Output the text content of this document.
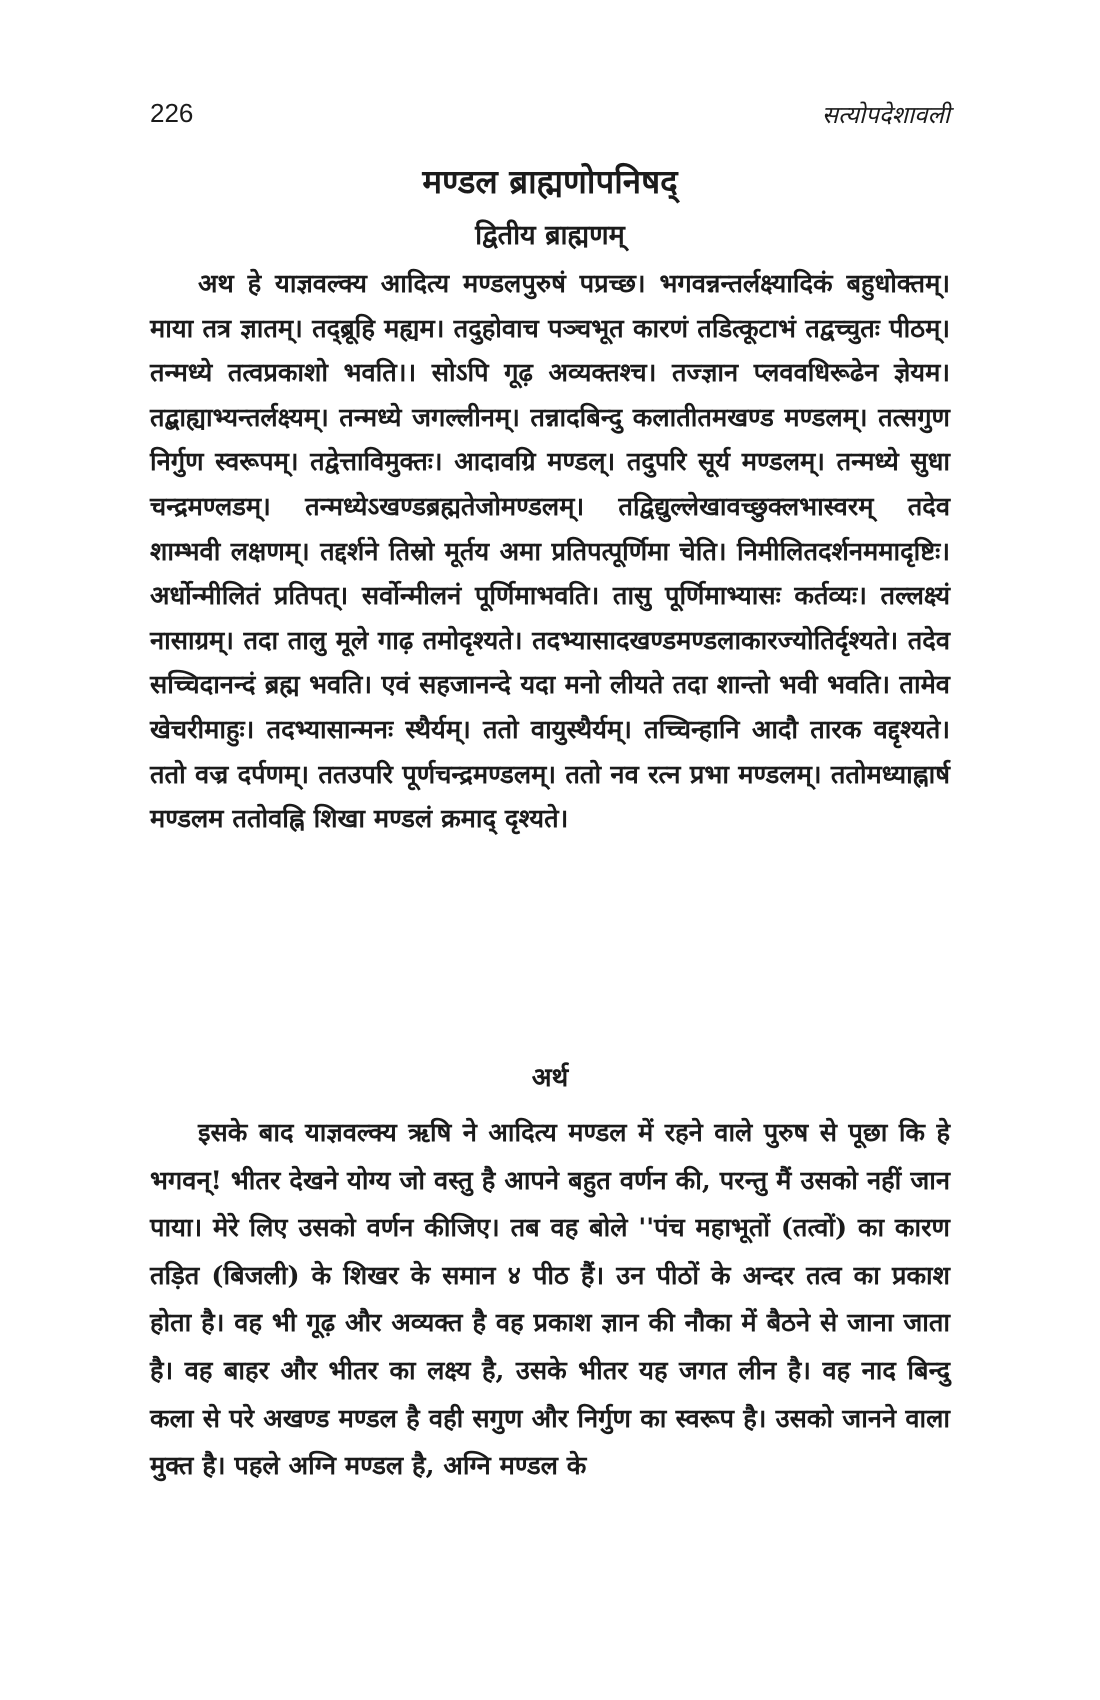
226	सत्योपदेशावली
मण्डल ब्राह्मणोपनिषद्
द्वितीय ब्राह्मणम्

अथ हे याज्ञवल्क्य आदित्य मण्डलपुरुषं पप्रच्छ। भगवन्नन्तर्लक्ष्यादिकं बहुधोक्तम्। माया तत्र ज्ञातम्। तद्ब्रूहि मह्यम। तदुहोवाच पञ्चभूत कारणं तडित्कूटाभं तद्वच्चुतः पीठम्। तन्मध्ये तत्वप्रकाशो भवति।। सोऽपि गूढ़ अव्यक्तश्च। तज्ज्ञान प्लववधिरूढेन ज्ञेयम। तद्बाह्याभ्यन्तर्लक्ष्यम्। तन्मध्ये जगल्लीनम्। तन्नादबिन्दु कलातीतमखण्ड मण्डलम्। तत्सगुण निर्गुण स्वरूपम्। तद्वेत्ताविमुक्तः। आदावग्रि मण्डल्। तदुपरि सूर्य मण्डलम्। तन्मध्ये सुधा चन्द्रमण्लडम्। तन्मध्येऽखण्डब्रह्मतेजोमण्डलम्। तद्विद्युल्लेखावच्छुक्लभास्वरम् तदेव शाम्भवी लक्षणम्। तद्दर्शने तिस्रो मूर्तय अमा प्रतिपत्पूर्णिमा चेति। निमीलितदर्शनममादृष्टिः। अर्धोन्मीलितं प्रतिपत्। सर्वोन्मीलनं पूर्णिमाभवति। तासु पूर्णिमाभ्यासः कर्तव्यः। तल्लक्ष्यं नासाग्रम्। तदा तालु मूले गाढ़ तमोदृश्यते। तदभ्यासादखण्डमण्डलाकारज्योतिर्दृश्यते। तदेव सच्चिदानन्दं ब्रह्म भवति। एवं सहजानन्दे यदा मनो लीयते तदा शान्तो भवी भवति। तामेव खेचरीमाहुः। तदभ्यासान्मनः स्थैर्यम्। ततो वायुस्थैर्यम्। तच्चिन्हानि आदौ तारक वद्दृश्यते। ततो वज्र दर्पणम्। ततउपरि पूर्णचन्द्रमण्डलम्। ततो नव रत्न प्रभा मण्डलम्। ततोमध्याह्नार्ष मण्डलम ततोवह्नि शिखा मण्डलं क्रमाद् दृश्यते।

अर्थ

इसके बाद याज्ञवल्क्य ऋषि ने आदित्य मण्डल में रहने वाले पुरुष से पूछा कि हे भगवन्! भीतर देखने योग्य जो वस्तु है आपने बहुत वर्णन की, परन्तु मैं उसको नहीं जान पाया। मेरे लिए उसको वर्णन कीजिए। तब वह बोले ''पंच महाभूतों (तत्वों) का कारण तड़ित (बिजली) के शिखर के समान ४ पीठ हैं। उन पीठों के अन्दर तत्व का प्रकाश होता है। वह भी गूढ़ और अव्यक्त है वह प्रकाश ज्ञान की नौका में बैठने से जाना जाता है। वह बाहर और भीतर का लक्ष्य है, उसके भीतर यह जगत लीन है। वह नाद बिन्दु कला से परे अखण्ड मण्डल है वही सगुण और निर्गुण का स्वरूप है। उसको जानने वाला मुक्त है। पहले अग्नि मण्डल है, अग्नि मण्डल के
